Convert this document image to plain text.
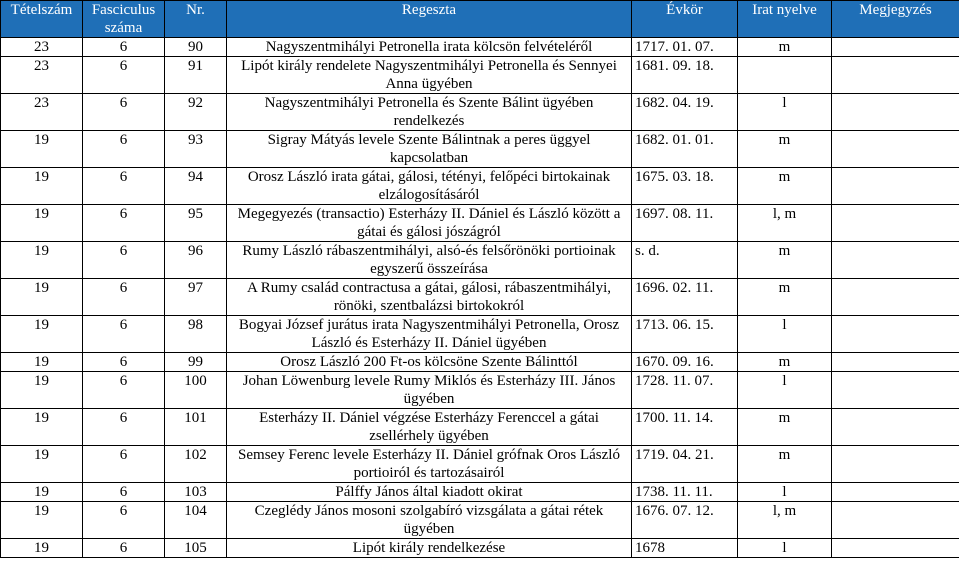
Tételszám	Fasciculus száma	Nr.	Regeszta	Évkör	Irat nyelve	Megjegyzés
23	6	90	Nagyszentmihályi Petronella irata kölcsön felvételéről	1717. 01. 07.	m	
23	6	91	Lipót király rendelete Nagyszentmihályi Petronella és Sennyei Anna ügyében	1681. 09. 18.		
23	6	92	Nagyszentmihályi Petronella és Szente Bálint ügyében rendelkezés	1682. 04. 19.	l	
19	6	93	Sigray Mátyás levele Szente Bálintnak a peres üggyel kapcsolatban	1682. 01. 01.	m	
19	6	94	Orosz László irata gátai, gálosi, tétényi, felőpéci birtokainak elzálogosításáról	1675. 03. 18.	m	
19	6	95	Megegyezés (transactio) Esterházy II. Dániel és László között a gátai és gálosi jószágról	1697. 08. 11.	l, m	
19	6	96	Rumy László rábaszentmihályi, alsó-és felsőrönöki portioinak egyszerű összeírása	s. d.	m	
19	6	97	A Rumy család contractusa a gátai, gálosi, rábaszentmihályi, rönöki, szentbalázsi birtokokról	1696. 02. 11.	m	
19	6	98	Bogyai József jurátus irata Nagyszentmihályi Petronella, Orosz László és Esterházy II. Dániel ügyében	1713. 06. 15.	l	
19	6	99	Orosz László 200 Ft-os kölcsöne Szente Bálinttól	1670. 09. 16.	m	
19	6	100	Johan Löwenburg levele Rumy Miklós és Esterházy III. János ügyében	1728. 11. 07.	l	
19	6	101	Esterházy II. Dániel végzése Esterházy Ferenccel a gátai zsellérhely ügyében	1700. 11. 14.	m	
19	6	102	Semsey Ferenc levele Esterházy II. Dániel grófnak Oros László portioiról és tartozásairól	1719. 04. 21.	m	
19	6	103	Pálffy János által kiadott okirat	1738. 11. 11.	l	
19	6	104	Czeglédy János mosoni szolgabíró vizsgálata a gátai rétek ügyében	1676. 07. 12.	l, m	
19	6	105	Lipót király rendelkezése	1678	l	
